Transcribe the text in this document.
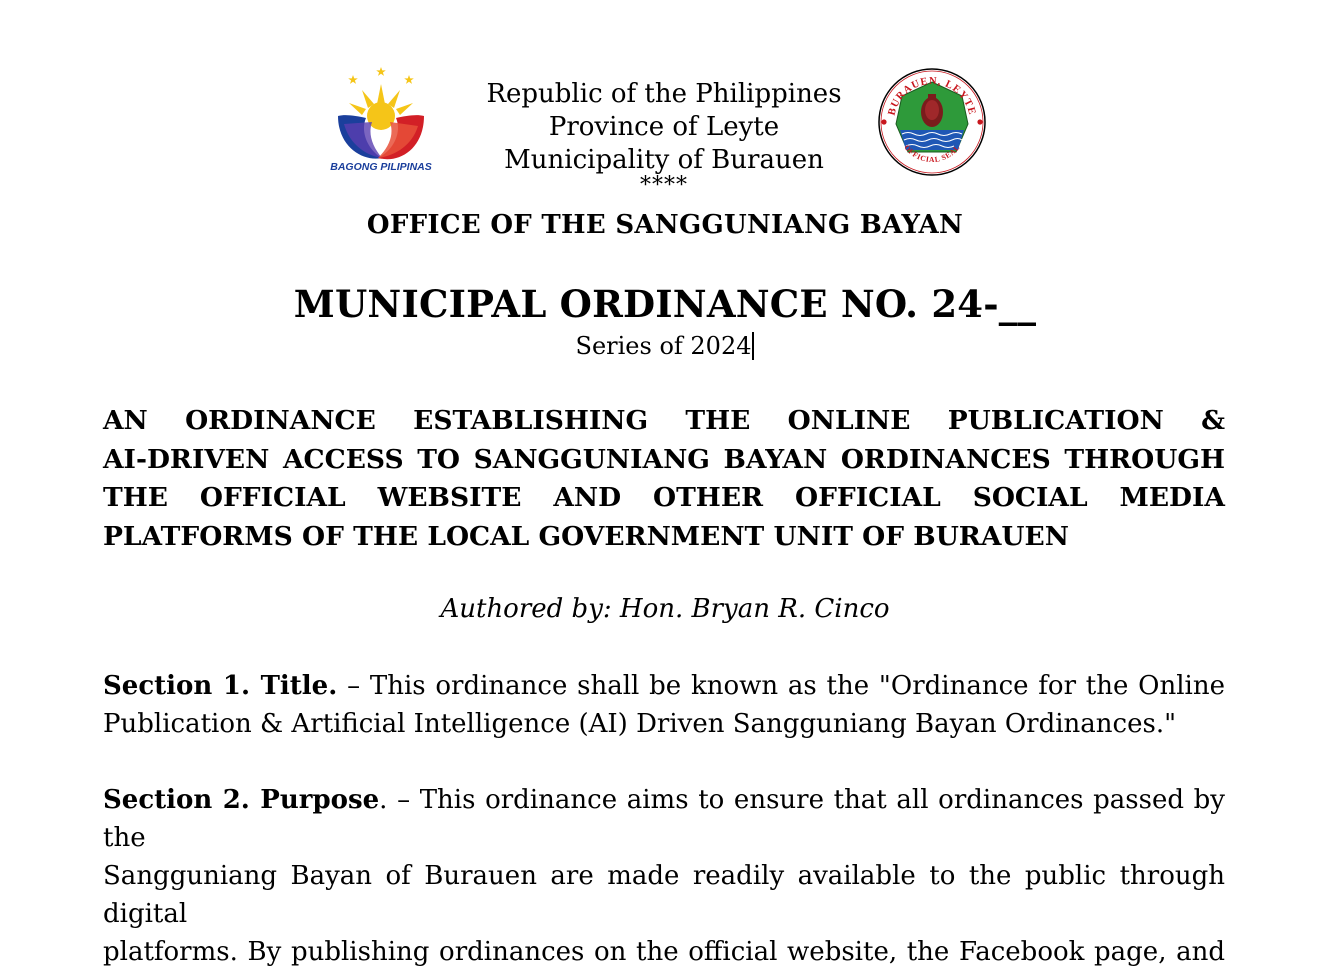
BAGONG PILIPINAS
Republic of the Philippines
Province of Leyte
Municipality of Burauen
****
BURAUEN, LEYTE
OFFICIAL SEAL
OFFICE OF THE SANGGUNIANG BAYAN
MUNICIPAL ORDINANCE NO. 24-__
Series of 2024
AN ORDINANCE ESTABLISHING THE ONLINE PUBLICATION &
AI-DRIVEN ACCESS TO SANGGUNIANG BAYAN ORDINANCES THROUGH
THE OFFICIAL WEBSITE AND OTHER OFFICIAL SOCIAL MEDIA
PLATFORMS OF THE LOCAL GOVERNMENT UNIT OF BURAUEN
Authored by: Hon. Bryan R. Cinco
Section 1. Title. – This ordinance shall be known as the "Ordinance for the Online
Publication & Artificial Intelligence (AI) Driven Sangguniang Bayan Ordinances."
Section 2. Purpose. – This ordinance aims to ensure that all ordinances passed by the
Sangguniang Bayan of Burauen are made readily available to the public through digital
platforms. By publishing ordinances on the official website, the Facebook page, and
